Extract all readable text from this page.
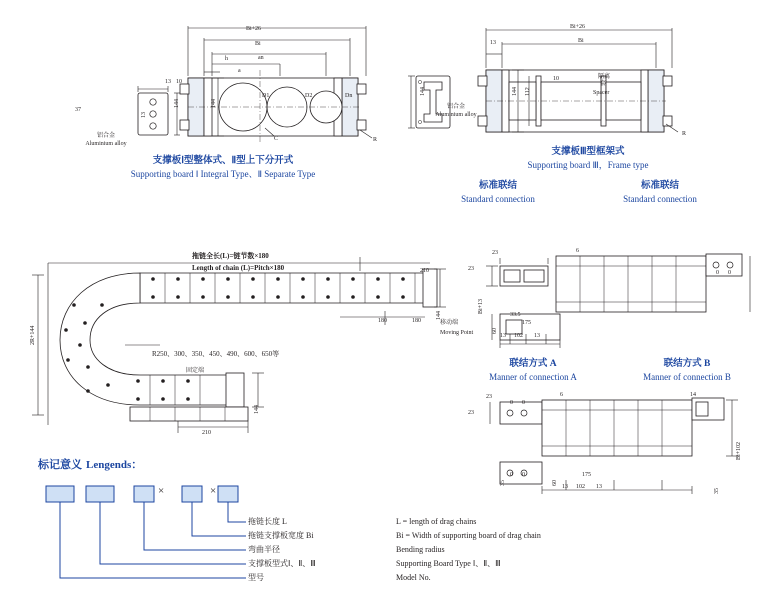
37
13 10
h
a
an
Bi
Bi+26
13
144
144
D1	D2	Dn
C	R
铝合金
Aluminium alloy
支撑板Ⅰ型整体式、Ⅱ型上下分开式
Supporting board Ⅰ Integral Type、Ⅱ Separate Type
13
Bi+26
Bi
144	144 112
10	隔离
套
Spacer
铝合金
Aluminium alloy
R
支撑板Ⅲ型框架式
Supporting board Ⅲ，Frame type
标准联结
Standard connection
标准联结
Standard connection
拖链全长(L)=链节数×180
Length of chain (L)=Pitch×180	210
144
180	180	移动端
Moving Point
2R+144
R250、300、350、450、490、600、650等
固定端
144
210
23
23
6
33.5
Bi+13
175
13 102 13
60
0 0
联结方式 A
Manner of connection A
联结方式 B
Manner of connection B
23
23
6	14
Bi+102
0 0
0 0	175
13 102 13
60
35
35
标记意义 Lengends：
×	×
拖链长度 L
拖链支撑板宽度 Bi
弯曲半径
支撑板型式Ⅰ、Ⅱ、Ⅲ
型号
L = length of drag chains
Bi = Width of supporting board of drag chain
Bending radius
Supporting Board Type Ⅰ、Ⅱ、Ⅲ
Model No.
